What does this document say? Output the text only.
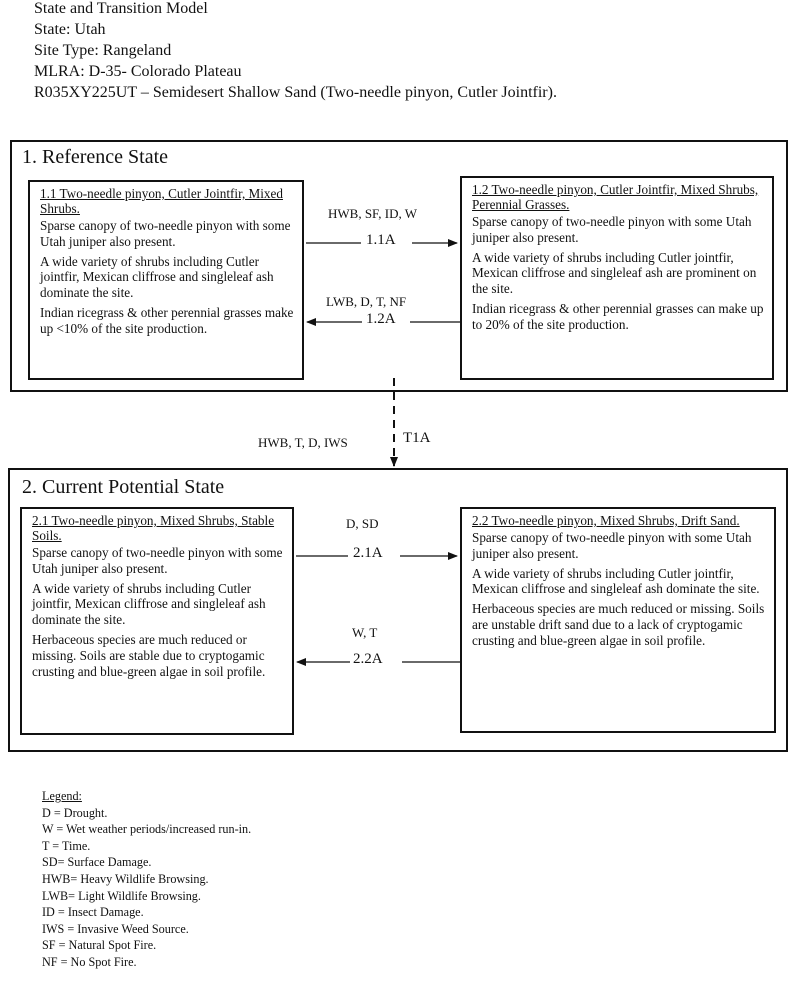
State and Transition Model
State: Utah
Site Type: Rangeland
MLRA: D-35- Colorado Plateau
R035XY225UT – Semidesert Shallow Sand (Two-needle pinyon, Cutler Jointfir).
1. Reference State
1.1 Two-needle pinyon, Cutler Jointfir, Mixed Shrubs.
Sparse canopy of two-needle pinyon with some Utah juniper also present.
A wide variety of shrubs including Cutler jointfir, Mexican cliffrose and singleleaf ash dominate the site.
Indian ricegrass & other perennial grasses make up <10% of the site production.
1.2 Two-needle pinyon, Cutler Jointfir, Mixed Shrubs, Perennial Grasses.
Sparse canopy of two-needle pinyon with some Utah juniper also present.
A wide variety of shrubs including Cutler jointfir, Mexican cliffrose and singleleaf ash are prominent on the site.
Indian ricegrass & other perennial grasses can make up to 20% of the site production.
HWB, SF, ID, W
1.1A
LWB, D, T, NF
1.2A
HWB, T, D, IWS	T1A
2. Current Potential State
2.1 Two-needle pinyon, Mixed Shrubs, Stable Soils.
Sparse canopy of two-needle pinyon with some Utah juniper also present.
A wide variety of shrubs including Cutler jointfir, Mexican cliffrose and singleleaf ash dominate the site.
Herbaceous species are much reduced or missing. Soils are stable due to cryptogamic crusting and blue-green algae in soil profile.
2.2 Two-needle pinyon, Mixed Shrubs, Drift Sand.
Sparse canopy of two-needle pinyon with some Utah juniper also present.
A wide variety of shrubs including Cutler jointfir, Mexican cliffrose and singleleaf ash dominate the site.
Herbaceous species are much reduced or missing. Soils are unstable drift sand due to a lack of cryptogamic crusting and blue-green algae in soil profile.
D, SD
2.1A
W, T
2.2A
Legend:
D = Drought.
W = Wet weather periods/increased run-in.
T = Time.
SD= Surface Damage.
HWB= Heavy Wildlife Browsing.
LWB= Light Wildlife Browsing.
ID = Insect Damage.
IWS = Invasive Weed Source.
SF = Natural Spot Fire.
NF = No Spot Fire.
